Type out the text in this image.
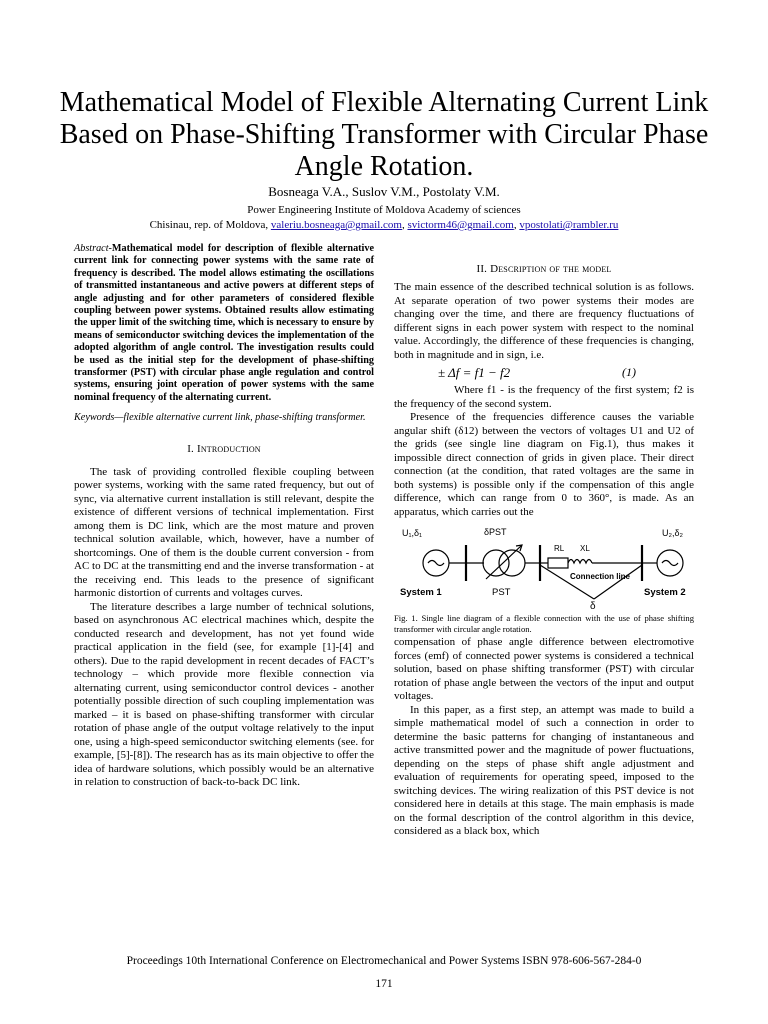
Mathematical Model of Flexible Alternating Current Link Based on Phase-Shifting Transformer with Circular Phase Angle Rotation.
Bosneaga V.A., Suslov V.M., Postolaty V.M.
Power Engineering Institute of Moldova Academy of sciences
Chisinau, rep. of Moldova, valeriu.bosneaga@gmail.com, svictorm46@gmail.com, vpostolati@rambler.ru

Abstract-Mathematical model for description of flexible alternative current link for connecting power systems with the same rate of frequency is described. The model allows estimating the oscillations of transmitted instantaneous and active powers at different steps of angle adjusting and for other parameters of considered flexible coupling between power systems. Obtained results allow estimating the upper limit of the switching time, which is necessary to ensure by means of semiconductor switching devices the implementation of the adopted algorithm of angle control. The investigation results could be used as the initial step for the development of phase-shifting transformer (PST) with circular phase angle regulation and control systems, ensuring joint operation of power systems with the same nominal frequency of the alternating current.

Keywords—flexible alternative current link, phase-shifting transformer.
I. Introduction

The task of providing controlled flexible coupling between power systems, working with the same rated frequency, but out of sync, via alternative current installation is still relevant, despite the existence of different versions of technical implementation. First among them is DC link, which are the most mature and proven technical solution available, which, however, have a number of shortcomings. One of them is the double current conversion - from AC to DC at the transmitting end and the inverse transformation - at the receiving end. This leads to the presence of significant harmonic distortion of currents and voltages curves.

The literature describes a large number of technical solutions, based on asynchronous AC electrical machines which, despite the conducted research and development, has not yet found wide practical application in the field (see, for example [1]-[4] and others). Due to the rapid development in recent decades of FACT’s technology – which provide more flexible connection via alternating current, using semiconductor control devices - another potentially possible direction of such coupling implementation was marked – it is based on phase-shifting transformer with circular rotation of phase angle of the output voltage relatively to the input one, using a high-speed semiconductor switching elements (see. for example, [5]-[8]). The research has as its main objective to offer the idea of hardware solutions, which possibly would be an alternative in relation to construction of back-to-back DC link.

II. Description of the model

The main essence of the described technical solution is as follows. At separate operation of two power systems their modes are changing over the time, and there are frequency fluctuations of different signs in each power system with respect to the nominal value. Accordingly, the difference of these frequencies is changing, both in magnitude and in sign, i.e.

± Δf = f1 − f2	(1)

Where f1 - is the frequency of the first system; f2 is the frequency of the second system.

Presence of the frequencies difference causes the variable angular shift (δ12) between the vectors of voltages U1 and U2 of the grids (see single line diagram on Fig.1), thus makes it impossible direct connection of grids in given place. Their direct connection (at the condition, that rated voltages are the same in both systems) is possible only if the compensation of this angle difference, which can range from 0 to 360°, is made. As an apparatus, which carries out the

U₁,δ₁	δPST
RL XL
U₂,δ₂
Connection line
System 1	PST
δ
System 2
Fig. 1. Single line diagram of a flexible connection with the use of phase shifting transformer with circular angle rotation.

compensation of phase angle difference between electromotive forces (emf) of connected power systems is considered a technical solution, based on phase shifting transformer (PST) with circular rotation of phase angle between the vectors of the input and output voltages.

In this paper, as a first step, an attempt was made to build a simple mathematical model of such a connection in order to determine the basic patterns for changing of instantaneous and active transmitted power and the magnitude of power fluctuations, depending on the steps of phase shift angle adjustment and evaluation of requirements for operating speed, imposed to the switching devices. The wiring realization of this PST device is not considered here in details at this stage. The main emphasis is made on the formal description of the control algorithm in this device, considered as a black box, which

Proceedings 10th International Conference on Electromechanical and Power Systems ISBN 978-606-567-284-0
171
